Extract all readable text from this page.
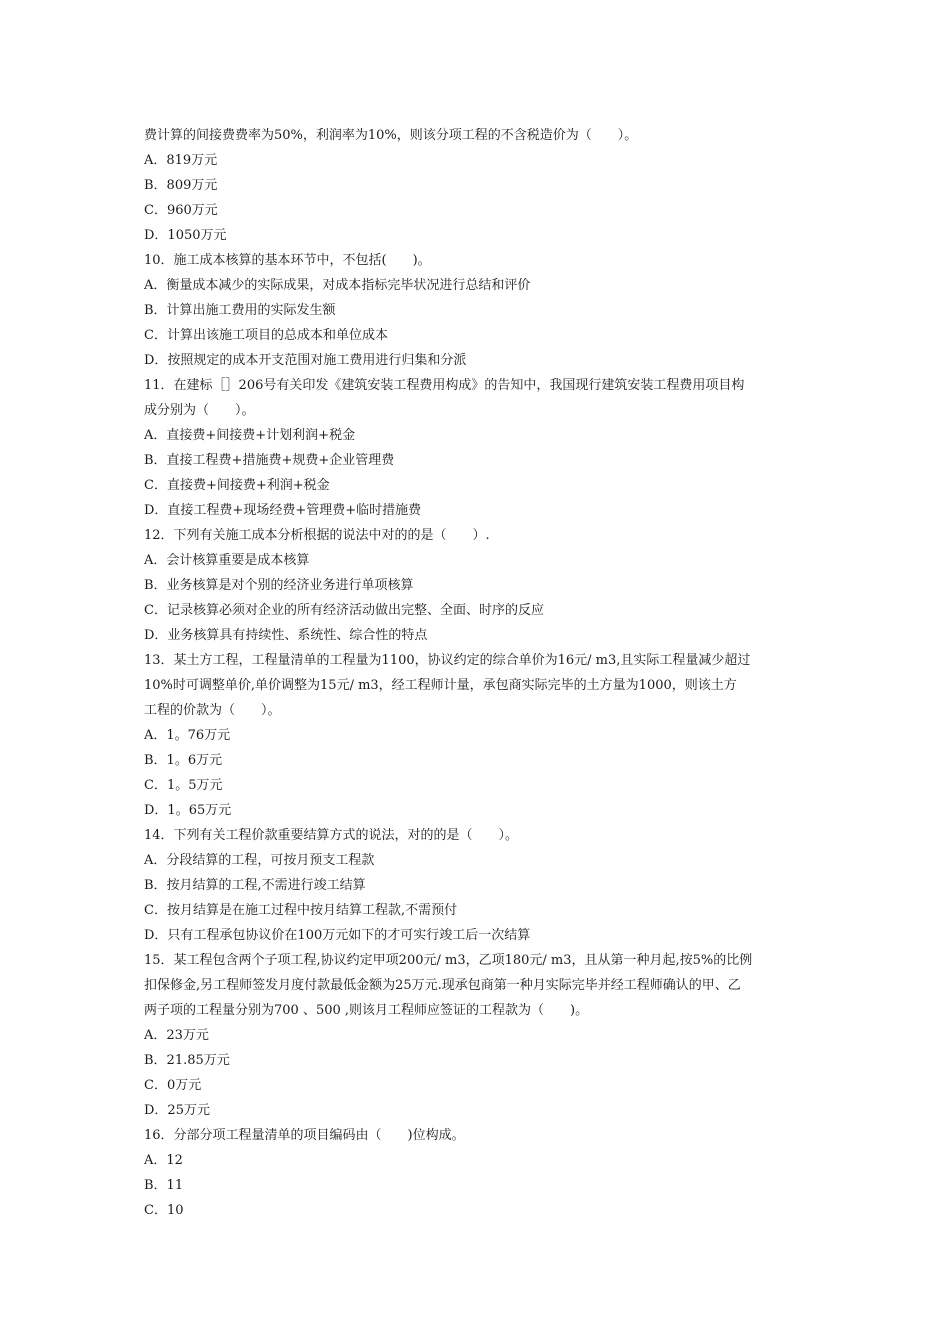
费计算的间接费费率为50%，利润率为10%，则该分项工程的不含税造价为（　　）。
A．819万元
B．809万元
C．960万元
D．1050万元
10．施工成本核算的基本环节中，不包括(　　)。
A．衡量成本减少的实际成果，对成本指标完毕状况进行总结和评价
B．计算出施工费用的实际发生额
C．计算出该施工项目的总成本和单位成本
D．按照规定的成本开支范围对施工费用进行归集和分派
11．在建标［］206号有关印发《建筑安装工程费用构成》的告知中，我国现行建筑安装工程费用项目构
成分别为（　　）。
A．直接费+间接费+计划利润+税金
B．直接工程费+措施费+规费+企业管理费
C．直接费+间接费+利润+税金
D．直接工程费+现场经费+管理费+临时措施费
12．下列有关施工成本分析根据的说法中对的的是（　　）.
A．会计核算重要是成本核算
B．业务核算是对个别的经济业务进行单项核算
C．记录核算必须对企业的所有经济活动做出完整、全面、时序的反应
D．业务核算具有持续性、系统性、综合性的特点
13．某土方工程，工程量清单的工程量为1100，协议约定的综合单价为16元/ m3,且实际工程量减少超过
10%时可调整单价,单价调整为15元/ m3，经工程师计量，承包商实际完毕的土方量为1000，则该土方
工程的价款为（　　）。
A．1。76万元
B．1。6万元
C．1。5万元
D．1。65万元
14．下列有关工程价款重要结算方式的说法，对的的是（　　）。
A．分段结算的工程，可按月预支工程款
B．按月结算的工程,不需进行竣工结算
C．按月结算是在施工过程中按月结算工程款,不需预付
D．只有工程承包协议价在100万元如下的才可实行竣工后一次结算
15．某工程包含两个子项工程,协议约定甲项200元/ m3，乙项180元/ m3，且从第一种月起,按5%的比例
扣保修金,另工程师签发月度付款最低金额为25万元.现承包商第一种月实际完毕并经工程师确认的甲、乙
两子项的工程量分别为700 、500 ,则该月工程师应签证的工程款为（　　)。
A．23万元
B．21.85万元
C．0万元
D．25万元
16．分部分项工程量清单的项目编码由（　　)位构成。
A．12
B．11
C．10
